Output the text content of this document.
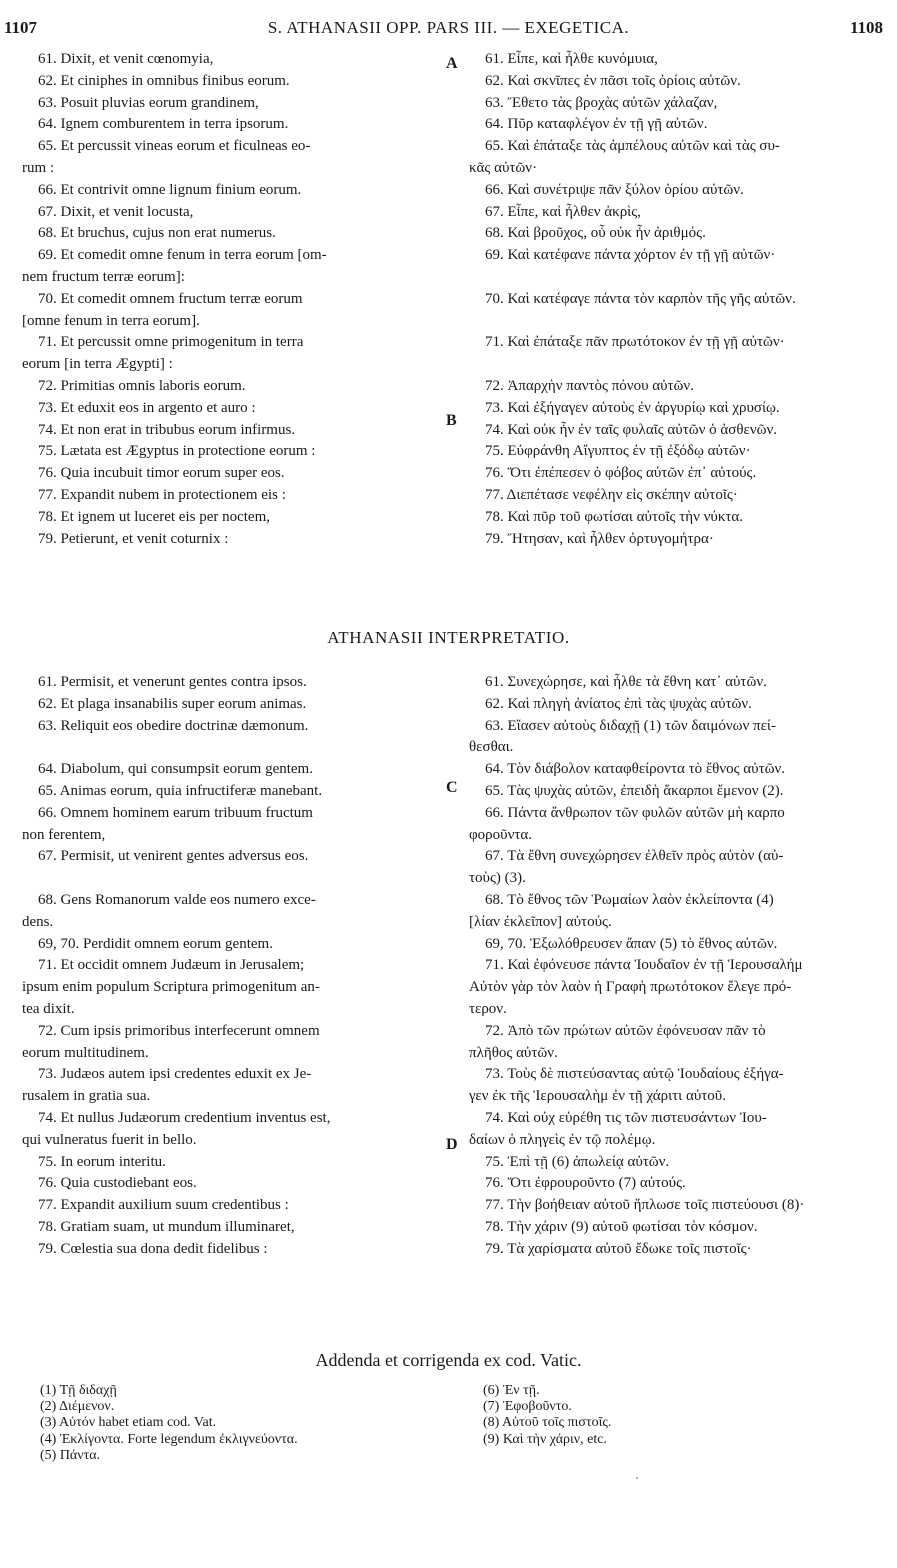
S. ATHANASII OPP. PARS III. — EXEGETICA.
1107	1108
61. Dixit, et venit cœnomyia,
62. Et ciniphes in omnibus finibus eorum.
63. Posuit pluvias eorum grandinem,
64. Ignem comburentem in terra ipsorum.
65. Et percussit vineas eorum et ficulneas eo-
rum :
66. Et contrivit omne lignum finium eorum.
67. Dixit, et venit locusta,
68. Et bruchus, cujus non erat numerus.
69. Et comedit omne fenum in terra eorum [om-
nem fructum terræ eorum]:
70. Et comedit omnem fructum terræ eorum
[omne fenum in terra eorum].
71. Et percussit omne primogenitum in terra
eorum [in terra Ægypti] :
72. Primitias omnis laboris eorum.
73. Et eduxit eos in argento et auro :
74. Et non erat in tribubus eorum infirmus.
75. Lætata est Ægyptus in protectione eorum :
76. Quia incubuit timor eorum super eos.
77. Expandit nubem in protectionem eis :
78. Et ignem ut luceret eis per noctem,
79. Petierunt, et venit coturnix :
61. Εἶπε, καὶ ἦλθε κυνόμυια,
62. Καὶ σκνῖπες ἐν πᾶσι τοῖς ὁρίοις αὐτῶν.
63. Ἔθετο τὰς βροχὰς αὐτῶν χάλαζαν,
64. Πῦρ καταφλέγον ἐν τῇ γῇ αὐτῶν.
65. Καὶ ἐπάταξε τὰς ἀμπέλους αὐτῶν καὶ τὰς συ-
κᾶς αὐτῶν·
66. Καὶ συνέτριψε πᾶν ξύλον ὁρίου αὐτῶν.
67. Εἶπε, καὶ ἦλθεν ἀκρὶς,
68. Καὶ βροῦχος, οὗ οὐκ ἦν ἀριθμός.
69. Καὶ κατέφανε πάντα χόρτον ἐν τῇ γῇ αὐτῶν·
70. Καὶ κατέφαγε πάντα τὸν καρπὸν τῆς γῆς αὐτῶν.
71. Καὶ ἐπάταξε πᾶν πρωτότοκον ἐν τῇ γῇ αὐτῶν·
72. Ἀπαρχὴν παντὸς πόνου αὐτῶν.
73. Καὶ ἐξήγαγεν αὐτοὺς ἐν ἀργυρίῳ καὶ χρυσίῳ.
74. Καὶ οὐκ ἦν ἐν ταῖς φυλαῖς αὐτῶν ὁ ἀσθενῶν.
75. Εὐφράνθη Αἴγυπτος ἐν τῇ ἐξόδῳ αὐτῶν·
76. Ὅτι ἐπέπεσεν ὁ φόβος αὐτῶν ἐπ᾽ αὐτούς.
77. Διεπέτασε νεφέλην εἰς σκέπην αὐτοῖς·
78. Καὶ πῦρ τοῦ φωτίσαι αὐτοῖς τὴν νύκτα.
79. Ἤτησαν, καὶ ἦλθεν ὀρτυγομήτρα·
A
B
C
D
ATHANASII INTERPRETATIO.
61. Permisit, et venerunt gentes contra ipsos.
62. Et plaga insanabilis super eorum animas.
63. Reliquit eos obedire doctrinæ dæmonum.
64. Diabolum, qui consumpsit eorum gentem.
65. Animas eorum, quia infructiferæ manebant.
66. Omnem hominem earum tribuum fructum
non ferentem,
67. Permisit, ut venirent gentes adversus eos.
68. Gens Romanorum valde eos numero exce-
dens.
69, 70. Perdidit omnem eorum gentem.
71. Et occidit omnem Judæum in Jerusalem;
ipsum enim populum Scriptura primogenitum an-
tea dixit.
72. Cum ipsis primoribus interfecerunt omnem
eorum multitudinem.
73. Judæos autem ipsi credentes eduxit ex Je-
rusalem in gratia sua.
74. Et nullus Judæorum credentium inventus est,
qui vulneratus fuerit in bello.
75. In eorum interitu.
76. Quia custodiebant eos.
77. Expandit auxilium suum credentibus :
78. Gratiam suam, ut mundum illuminaret,
79. Cœlestia sua dona dedit fidelibus :
61. Συνεχώρησε, καὶ ἦλθε τὰ ἔθνη κατ᾽ αὐτῶν.
62. Καὶ πληγὴ ἀνίατος ἐπὶ τὰς ψυχὰς αὐτῶν.
63. Εἴασεν αὐτοὺς διδαχῇ (1) τῶν δαιμόνων πεί-
θεσθαι.
64. Τὸν διάβολον καταφθείροντα τὸ ἔθνος αὐτῶν.
65. Τὰς ψυχὰς αὐτῶν, ἐπειδὴ ἄκαρποι ἔμενον (2).
66. Πάντα ἄνθρωπον τῶν φυλῶν αὐτῶν μὴ καρπο
φοροῦντα.
67. Τὰ ἔθνη συνεχώρησεν ἐλθεῖν πρὸς αὐτὸν (αὐ-
τοὺς) (3).
68. Τὸ ἔθνος τῶν Ῥωμαίων λαὸν ἐκλείποντα (4)
[λίαν ἐκλεῖπον] αὐτούς.
69, 70. Ἐξωλόθρευσεν ἅπαν (5) τὸ ἔθνος αὐτῶν.
71. Καὶ ἐφόνευσε πάντα Ἰουδαῖον ἐν τῇ Ἱερουσαλήμ
Αὐτὸν γὰρ τὸν λαὸν ἡ Γραφὴ πρωτότοκον ἔλεγε πρό-
τερον.
72. Ἀπὸ τῶν πρώτων αὐτῶν ἐφόνευσαν πᾶν τὸ
πλῆθος αὐτῶν.
73. Τοὺς δὲ πιστεύσαντας αὐτῷ Ἰουδαίους ἐξήγα-
γεν ἐκ τῆς Ἱερουσαλὴμ ἐν τῇ χάριτι αὐτοῦ.
74. Καὶ οὐχ εὑρέθη τις τῶν πιστευσάντων Ἰου-
δαίων ὁ πληγεὶς ἐν τῷ πολέμῳ.
75. Ἐπὶ τῇ (6) ἀπωλείᾳ αὐτῶν.
76. Ὅτι ἐφρουροῦντο (7) αὐτούς.
77. Τὴν βοήθειαν αὐτοῦ ἥπλωσε τοῖς πιστεύουσι (8)·
78. Τὴν χάριν (9) αὐτοῦ φωτίσαι τὸν κόσμον.
79. Τὰ χαρίσματα αὐτοῦ ἔδωκε τοῖς πιστοῖς·
Addenda et corrigenda ex cod. Vatic.
(1) Τῇ διδαχῇ
(2) Διέμενον.
(3) Αὐτόν habet etiam cod. Vat.
(4) Ἐκλίγοντα. Forte legendum ἐκλιγνεύοντα.
(5) Πάντα.
(6) Ἐν τῇ.
(7) Ἐφοβοῦντο.
(8) Αὐτοῦ τοῖς πιστοῖς.
(9) Καὶ τὴν χάριν, etc.
